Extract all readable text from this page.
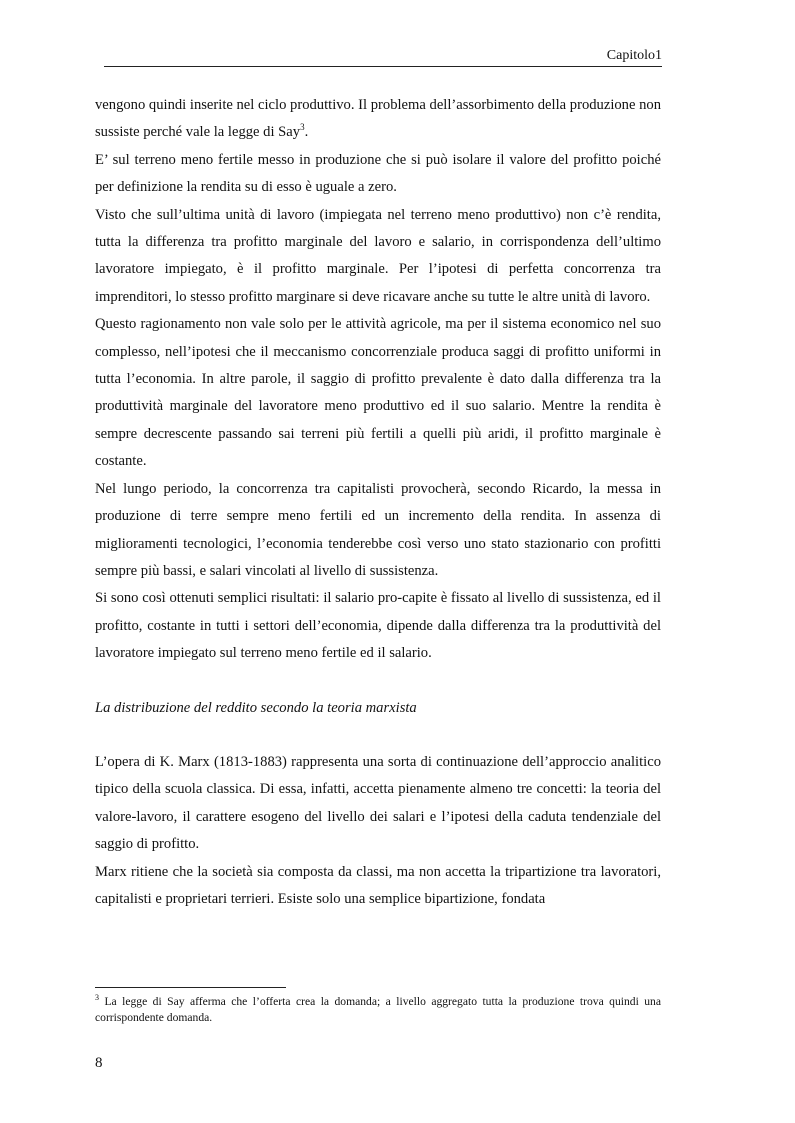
Capitolo1

vengono quindi inserite nel ciclo produttivo. Il problema dell’assorbimento della produzione non sussiste perché vale la legge di Say$^3$.

E’ sul terreno meno fertile messo in produzione che si può isolare il valore del profitto poiché per definizione la rendita su di esso è uguale a zero.

Visto che sull’ultima unità di lavoro (impiegata nel terreno meno produttivo) non c’è rendita, tutta la differenza tra profitto marginale del lavoro e salario, in corrispondenza dell’ultimo lavoratore impiegato, è il profitto marginale. Per l’ipotesi di perfetta concorrenza tra imprenditori, lo stesso profitto marginare si deve ricavare anche su tutte le altre unità di lavoro.

Questo ragionamento non vale solo per le attività agricole, ma per il sistema economico nel suo complesso, nell’ipotesi che il meccanismo concorrenziale produca saggi di profitto uniformi in tutta l’economia. In altre parole, il saggio di profitto prevalente è dato dalla differenza tra la produttività marginale del lavoratore meno produttivo ed il suo salario. Mentre la rendita è sempre decrescente passando sai terreni più fertili a quelli più aridi, il profitto marginale è costante.

Nel lungo periodo, la concorrenza tra capitalisti provocherà, secondo Ricardo, la messa in produzione di terre sempre meno fertili ed un incremento della rendita. In assenza di miglioramenti tecnologici, l’economia tenderebbe così verso uno stato stazionario con profitti sempre più bassi, e salari vincolati al livello di sussistenza.

Si sono così ottenuti semplici risultati: il salario pro-capite è fissato al livello di sussistenza, ed il profitto, costante in tutti i settori dell’economia, dipende dalla differenza tra la produttività del lavoratore impiegato sul terreno meno fertile ed il salario.

La distribuzione del reddito secondo la teoria marxista

L’opera di K. Marx (1813-1883) rappresenta una sorta di continuazione dell’approccio analitico tipico della scuola classica. Di essa, infatti, accetta pienamente almeno tre concetti: la teoria del valore-lavoro, il carattere esogeno del livello dei salari e l’ipotesi della caduta tendenziale del saggio di profitto.

Marx ritiene che la società sia composta da classi, ma non accetta la tripartizione tra lavoratori, capitalisti e proprietari terrieri. Esiste solo una semplice bipartizione, fondata

$^3$ La legge di Say afferma che l’offerta crea la domanda; a livello aggregato tutta la produzione trova quindi una corrispondente domanda.
8
